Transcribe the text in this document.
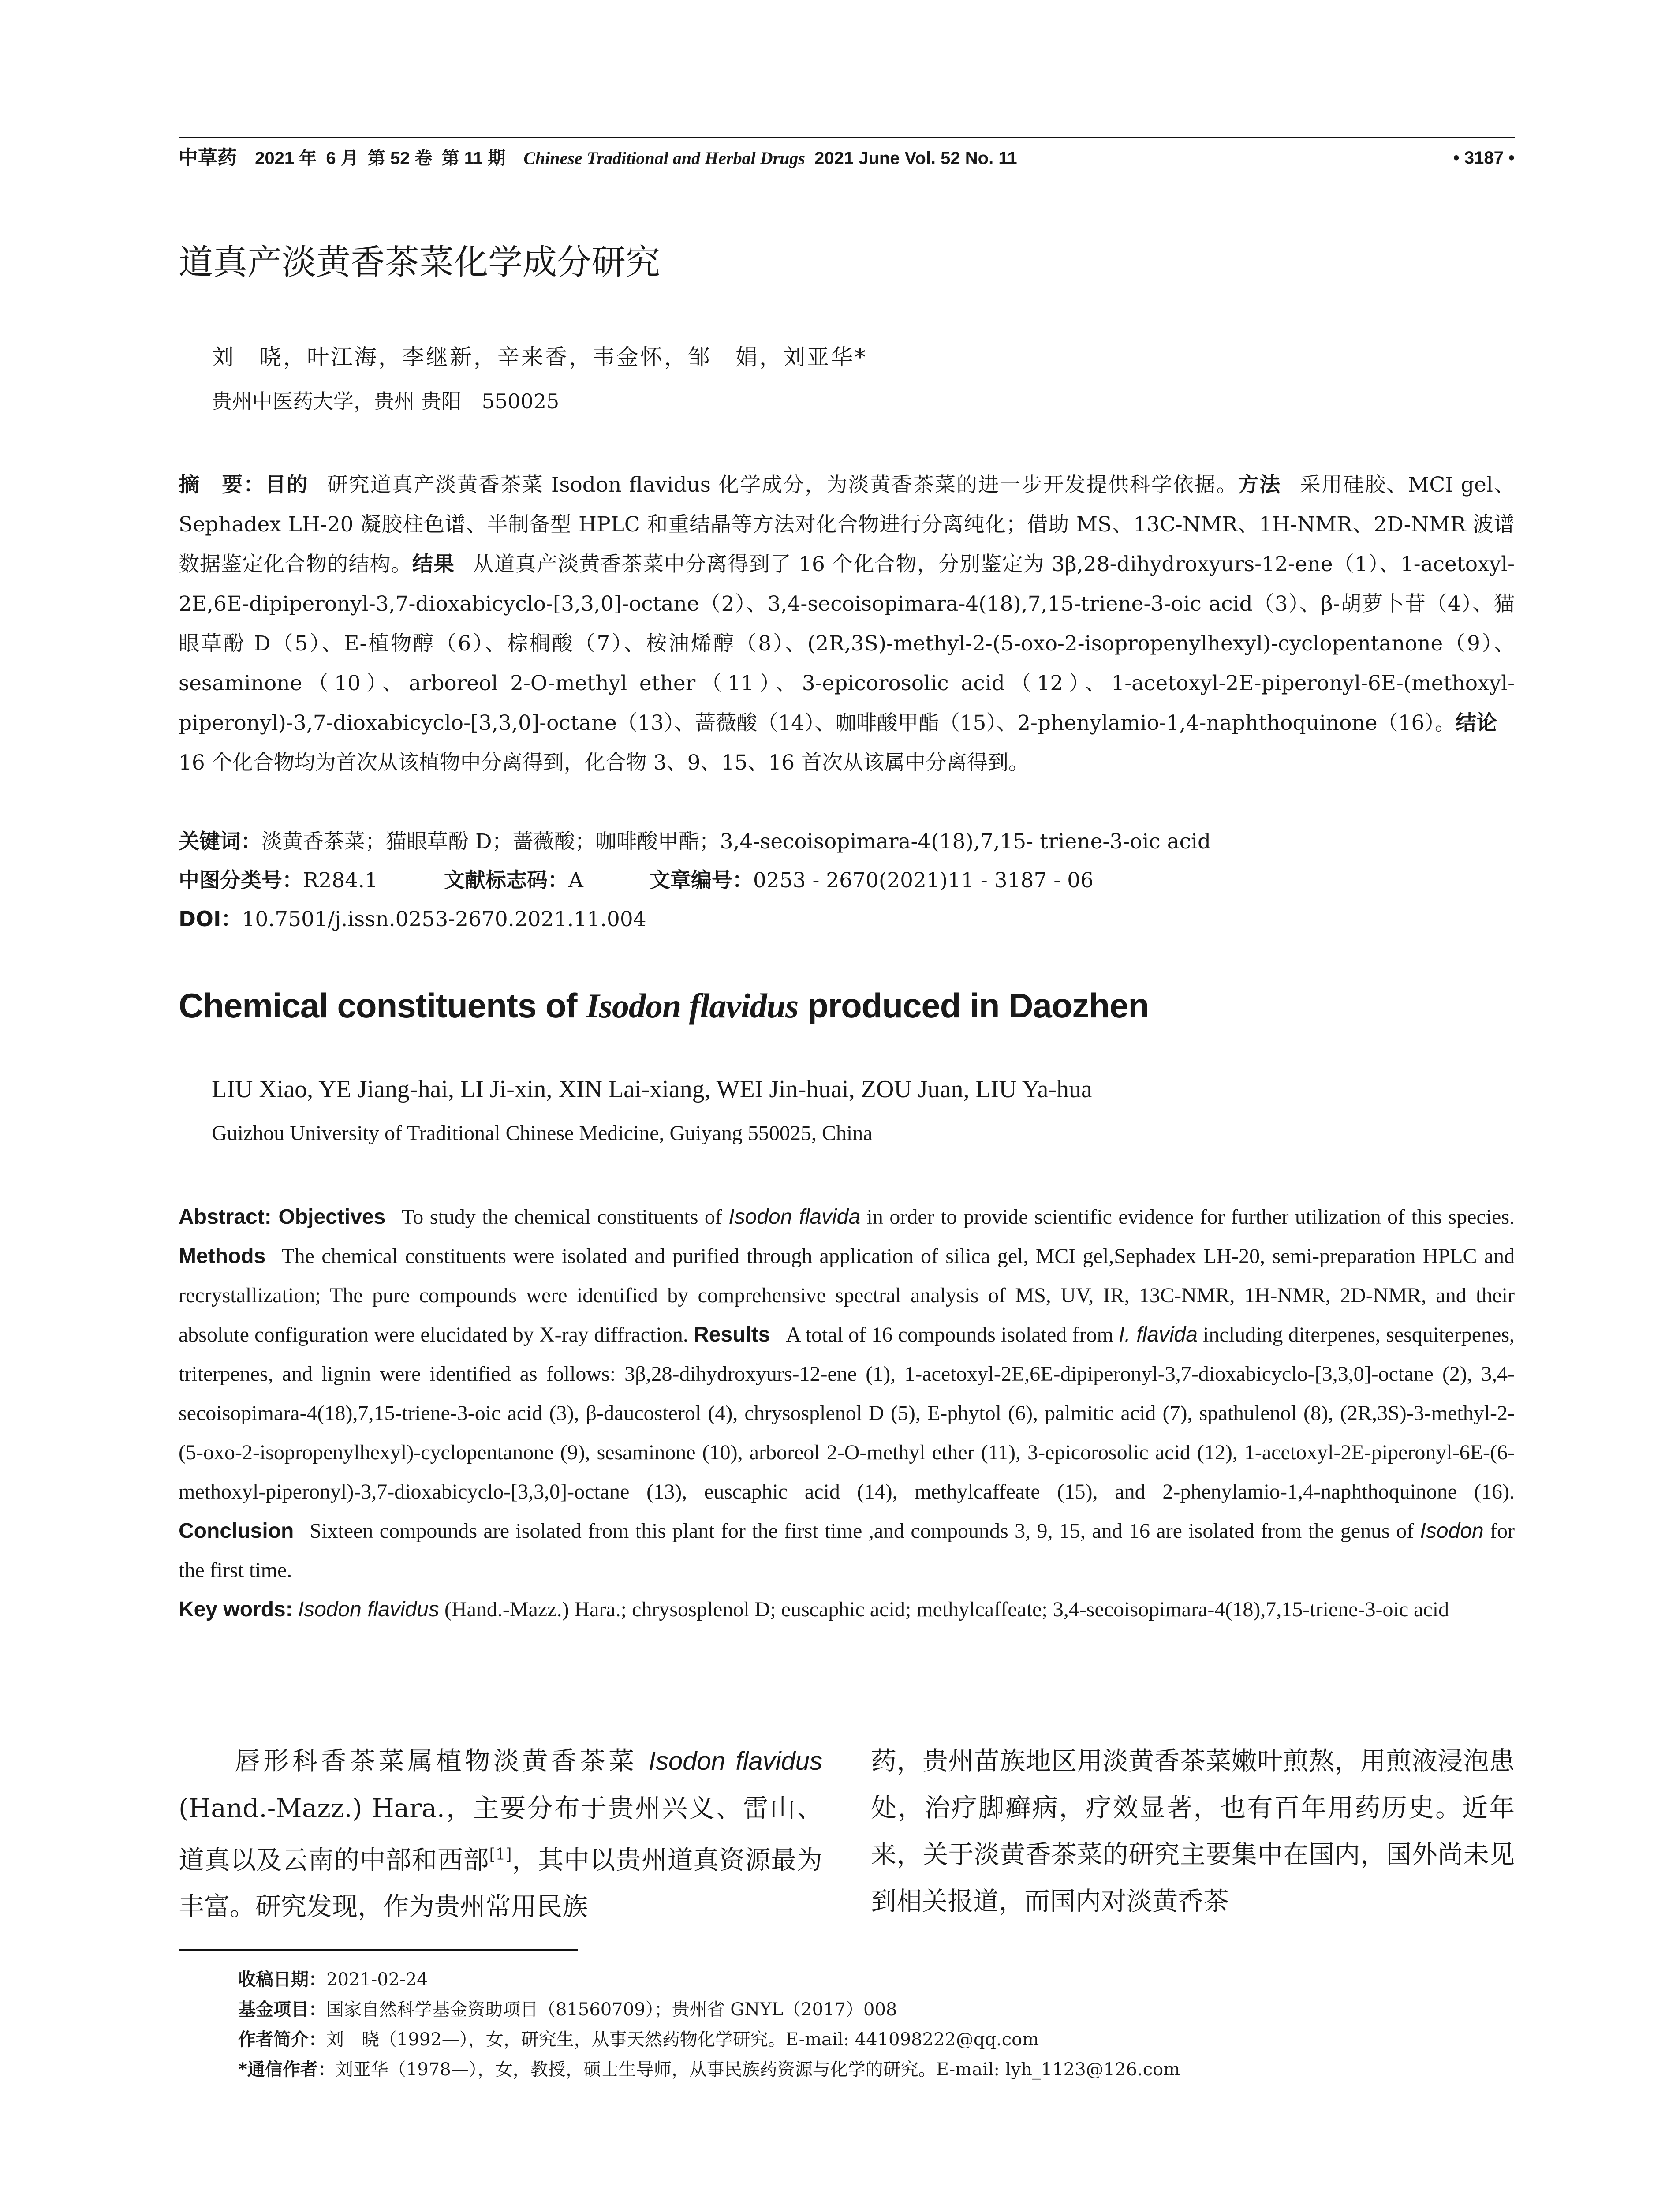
中草药 2021 年 6 月 第 52 卷 第 11 期 Chinese Traditional and Herbal Drugs 2021 June Vol. 52 No. 11	• 3187 •
道真产淡黄香茶菜化学成分研究
刘　晓，叶江海，李继新，辛来香，韦金怀，邹　娟，刘亚华*
贵州中医药大学，贵州 贵阳　550025
摘　要：目的 研究道真产淡黄香茶菜 Isodon flavidus 化学成分，为淡黄香茶菜的进一步开发提供科学依据。方法 采用硅胶、MCI gel、Sephadex LH-20 凝胶柱色谱、半制备型 HPLC 和重结晶等方法对化合物进行分离纯化；借助 MS、13C-NMR、1H-NMR、2D-NMR 波谱数据鉴定化合物的结构。结果 从道真产淡黄香茶菜中分离得到了 16 个化合物，分别鉴定为 3β,28-dihydroxyurs-12-ene（1）、1-acetoxyl-2E,6E-dipiperonyl-3,7-dioxabicyclo-[3,3,0]-octane（2）、3,4-secoisopimara-4(18),7,15-triene-3-oic acid（3）、β-胡萝卜苷（4）、猫眼草酚 D（5）、E-植物醇（6）、棕榈酸（7）、桉油烯醇（8）、(2R,3S)-methyl-2-(5-oxo-2-isopropenylhexyl)-cyclopentanone（9）、sesaminone（10）、arboreol 2-O-methyl ether（11）、3-epicorosolic acid（12）、1-acetoxyl-2E-piperonyl-6E-(methoxyl-piperonyl)-3,7-dioxabicyclo-[3,3,0]-octane（13）、蔷薇酸（14）、咖啡酸甲酯（15）、2-phenylamio-1,4-naphthoquinone（16）。结论16 个化合物均为首次从该植物中分离得到，化合物 3、9、15、16 首次从该属中分离得到。
关键词：淡黄香茶菜；猫眼草酚 D；蔷薇酸；咖啡酸甲酯；3,4-secoisopimara-4(18),7,15- triene-3-oic acid
中图分类号：R284.1	文献标志码：A	文章编号：0253 - 2670(2021)11 - 3187 - 06
DOI：10.7501/j.issn.0253-2670.2021.11.004
Chemical constituents of Isodon flavidus produced in Daozhen
LIU Xiao, YE Jiang-hai, LI Ji-xin, XIN Lai-xiang, WEI Jin-huai, ZOU Juan, LIU Ya-hua
Guizhou University of Traditional Chinese Medicine, Guiyang 550025, China
Abstract: Objectives To study the chemical constituents of Isodon flavida in order to provide scientific evidence for further utilization of this species. Methods The chemical constituents were isolated and purified through application of silica gel, MCI gel,Sephadex LH-20, semi-preparation HPLC and recrystallization; The pure compounds were identified by comprehensive spectral analysis of MS, UV, IR, 13C-NMR, 1H-NMR, 2D-NMR, and their absolute configuration were elucidated by X-ray diffraction. Results A total of 16 compounds isolated from I. flavida including diterpenes, sesquiterpenes, triterpenes, and lignin were identified as follows: 3β,28-dihydroxyurs-12-ene (1), 1-acetoxyl-2E,6E-dipiperonyl-3,7-dioxabicyclo-[3,3,0]-octane (2), 3,4-secoisopimara-4(18),7,15-triene-3-oic acid (3), β-daucosterol (4), chrysosplenol D (5), E-phytol (6), palmitic acid (7), spathulenol (8), (2R,3S)-3-methyl-2-(5-oxo-2-isopropenylhexyl)-cyclopentanone (9), sesaminone (10), arboreol 2-O-methyl ether (11), 3-epicorosolic acid (12), 1-acetoxyl-2E-piperonyl-6E-(6-methoxyl-piperonyl)-3,7-dioxabicyclo-[3,3,0]-octane (13), euscaphic acid (14), methylcaffeate (15), and 2-phenylamio-1,4-naphthoquinone (16). Conclusion Sixteen compounds are isolated from this plant for the first time ,and compounds 3, 9, 15, and 16 are isolated from the genus of Isodon for the first time.
Key words: Isodon flavidus (Hand.-Mazz.) Hara.; chrysosplenol D; euscaphic acid; methylcaffeate; 3,4-secoisopimara-4(18),7,15-triene-3-oic acid
唇形科香茶菜属植物淡黄香茶菜 Isodon flavidus (Hand.-Mazz.) Hara.，主要分布于贵州兴义、雷山、道真以及云南的中部和西部[1]，其中以贵州道真资源最为丰富。研究发现，作为贵州常用民族
药，贵州苗族地区用淡黄香茶菜嫩叶煎熬，用煎液浸泡患处，治疗脚癣病，疗效显著，也有百年用药历史。近年来，关于淡黄香茶菜的研究主要集中在国内，国外尚未见到相关报道，而国内对淡黄香茶
收稿日期：2021-02-24
基金项目：国家自然科学基金资助项目（81560709）；贵州省 GNYL（2017）008
作者简介：刘　晓（1992—），女，研究生，从事天然药物化学研究。E-mail: 441098222@qq.com
*通信作者：刘亚华（1978—），女，教授，硕士生导师，从事民族药资源与化学的研究。E-mail: lyh_1123@126.com
